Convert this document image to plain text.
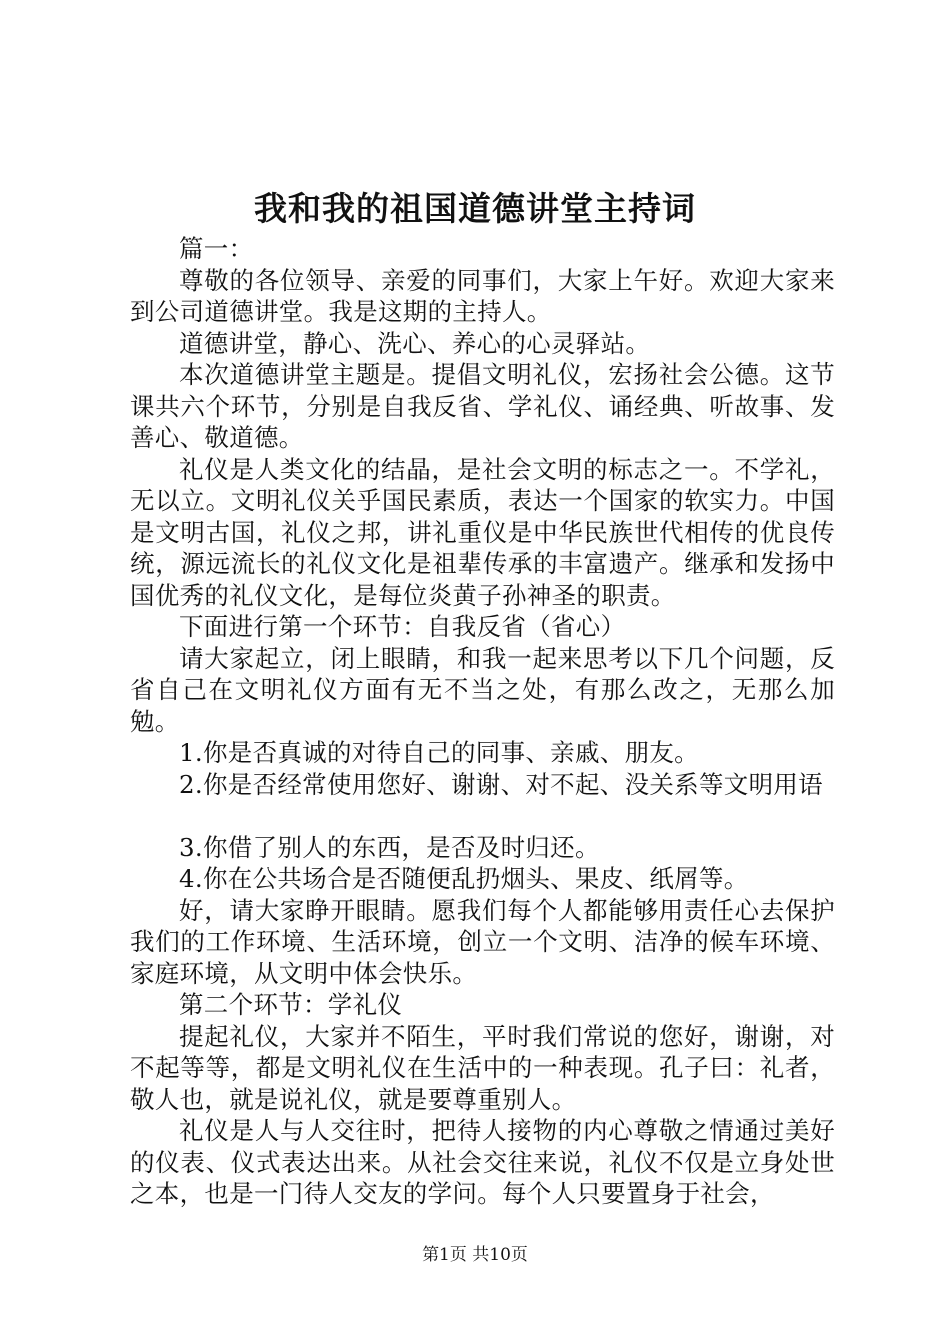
我和我的祖国道德讲堂主持词

篇一：

尊敬的各位领导、亲爱的同事们，大家上午好。欢迎大家来到公司道德讲堂。我是这期的主持人。

道德讲堂，静心、洗心、养心的心灵驿站。

本次道德讲堂主题是。提倡文明礼仪，宏扬社会公德。这节课共六个环节，分别是自我反省、学礼仪、诵经典、听故事、发善心、敬道德。

礼仪是人类文化的结晶，是社会文明的标志之一。不学礼，无以立。文明礼仪关乎国民素质，表达一个国家的软实力。中国是文明古国，礼仪之邦，讲礼重仪是中华民族世代相传的优良传统，源远流长的礼仪文化是祖辈传承的丰富遗产。继承和发扬中国优秀的礼仪文化，是每位炎黄子孙神圣的职责。

下面进行第一个环节：自我反省（省心）

请大家起立，闭上眼睛，和我一起来思考以下几个问题，反省自己在文明礼仪方面有无不当之处，有那么改之，无那么加勉。

1.你是否真诚的对待自己的同事、亲戚、朋友。

2.你是否经常使用您好、谢谢、对不起、没关系等文明用语

3.你借了别人的东西，是否及时归还。

4.你在公共场合是否随便乱扔烟头、果皮、纸屑等。

好，请大家睁开眼睛。愿我们每个人都能够用责任心去保护我们的工作环境、生活环境，创立一个文明、洁净的候车环境、家庭环境，从文明中体会快乐。

第二个环节：学礼仪

提起礼仪，大家并不陌生，平时我们常说的您好，谢谢，对不起等等，都是文明礼仪在生活中的一种表现。孔子曰：礼者，敬人也，就是说礼仪，就是要尊重别人。

礼仪是人与人交往时，把待人接物的内心尊敬之情通过美好的仪表、仪式表达出来。从社会交往来说，礼仪不仅是立身处世之本，也是一门待人交友的学问。每个人只要置身于社会，

第1页 共10页
